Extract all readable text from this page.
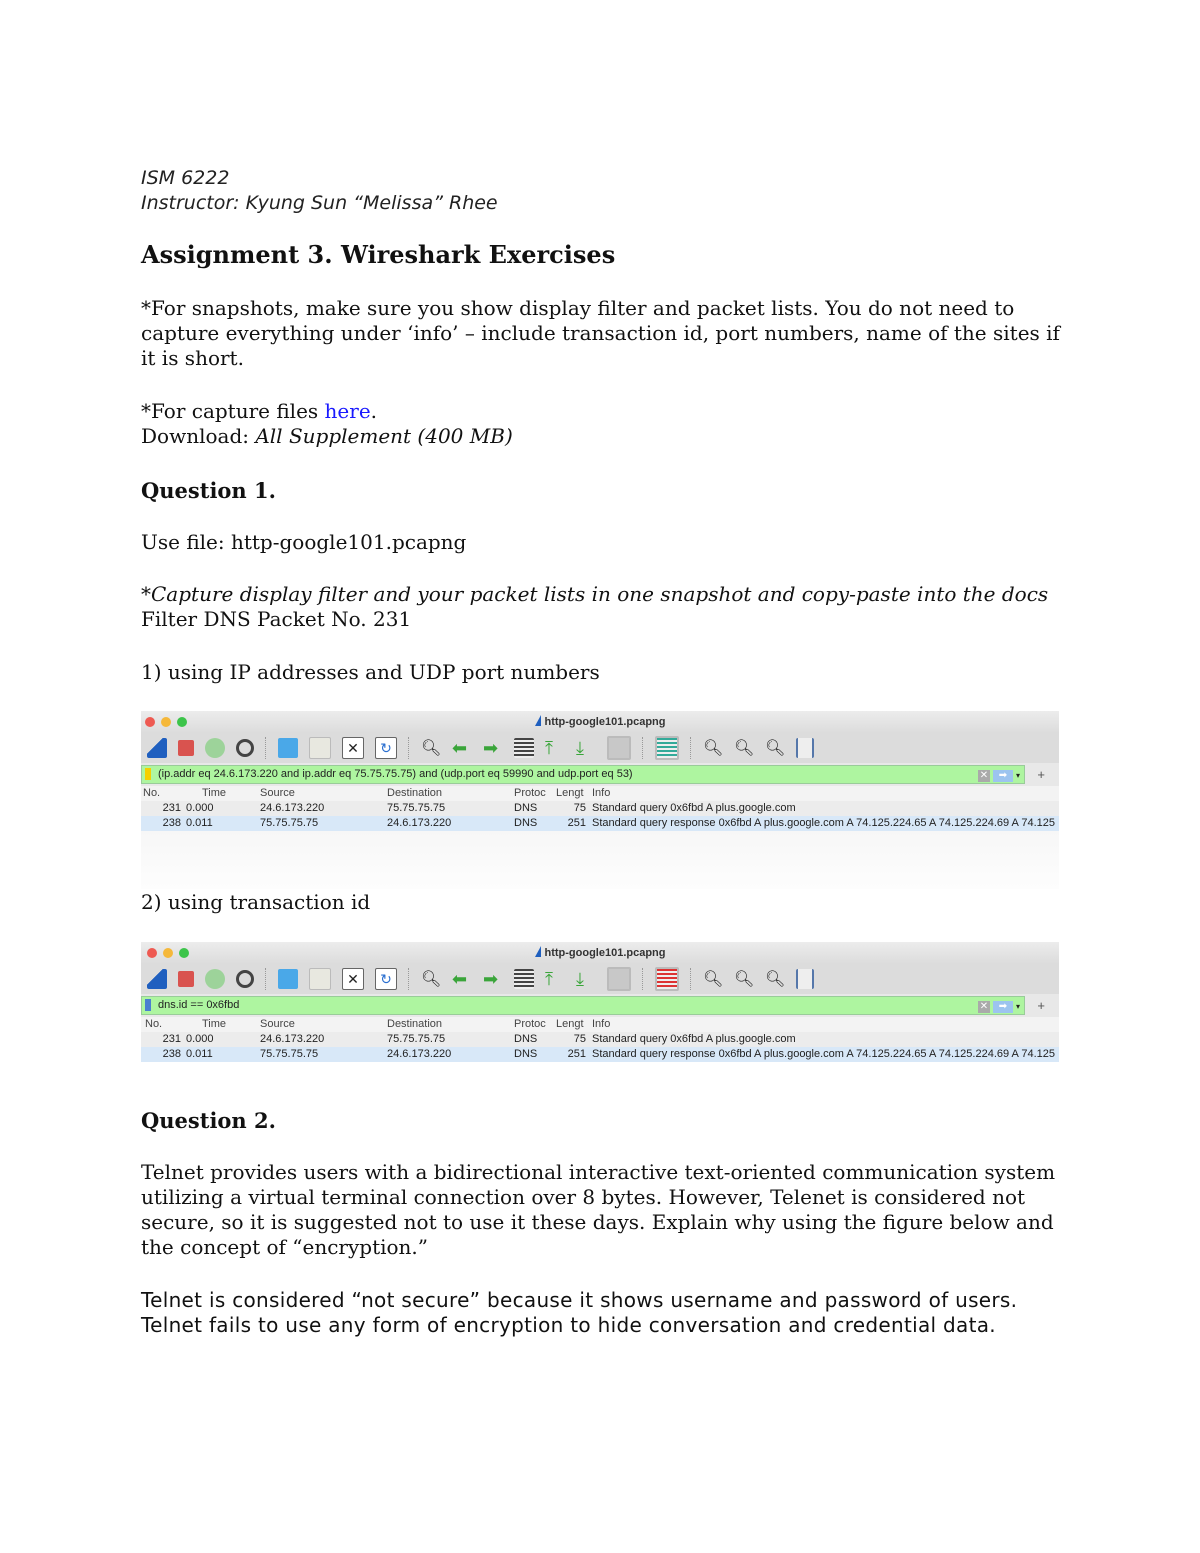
ISM 6222
Instructor: Kyung Sun “Melissa” Rhee
Assignment 3. Wireshark Exercises
*For snapshots, make sure you show display filter and packet lists. You do not need to capture everything under ‘info’ – include transaction id, port numbers, name of the sites if it is short.
*For capture files here.
Download: All Supplement (400 MB)
Question 1.
Use file: http-google101.pcapng
*Capture display filter and your packet lists in one snapshot and copy-paste into the docs Filter DNS Packet No. 231
1) using IP addresses and UDP port numbers
http-google101.pcapng
✕	↻	🔍︎ ⬅ ➡	⤒	⤓	🔍︎ 🔍︎ 🔍︎
(ip.addr eq 24.6.173.220 and ip.addr eq 75.75.75.75) and (udp.port eq 59990 and udp.port eq 53)	✕	➡	▾ +
No.	Time	Source	Destination	Protoc Lengt Info
231 0.000	24.6.173.220	75.75.75.75	DNS	75 Standard query 0x6fbd A plus.google.com
238 0.011	75.75.75.75	24.6.173.220	DNS	251 Standard query response 0x6fbd A plus.google.com A 74.125.224.65 A 74.125.224.69 A 74.125
2) using transaction id
http-google101.pcapng
✕	↻	🔍︎ ⬅ ➡	⤒	⤓	🔍︎ 🔍︎ 🔍︎
dns.id == 0x6fbd	✕	➡	▾ +
No.	Time	Source	Destination	Protoc Lengt Info
231 0.000	24.6.173.220	75.75.75.75	DNS	75 Standard query 0x6fbd A plus.google.com
238 0.011	75.75.75.75	24.6.173.220	DNS	251 Standard query response 0x6fbd A plus.google.com A 74.125.224.65 A 74.125.224.69 A 74.125
Question 2.
Telnet provides users with a bidirectional interactive text-oriented communication system utilizing a virtual terminal connection over 8 bytes. However, Telenet is considered not secure, so it is suggested not to use it these days. Explain why using the figure below and the concept of “encryption.”
Telnet is considered “not secure” because it shows username and password of users. Telnet fails to use any form of encryption to hide conversation and credential data.
